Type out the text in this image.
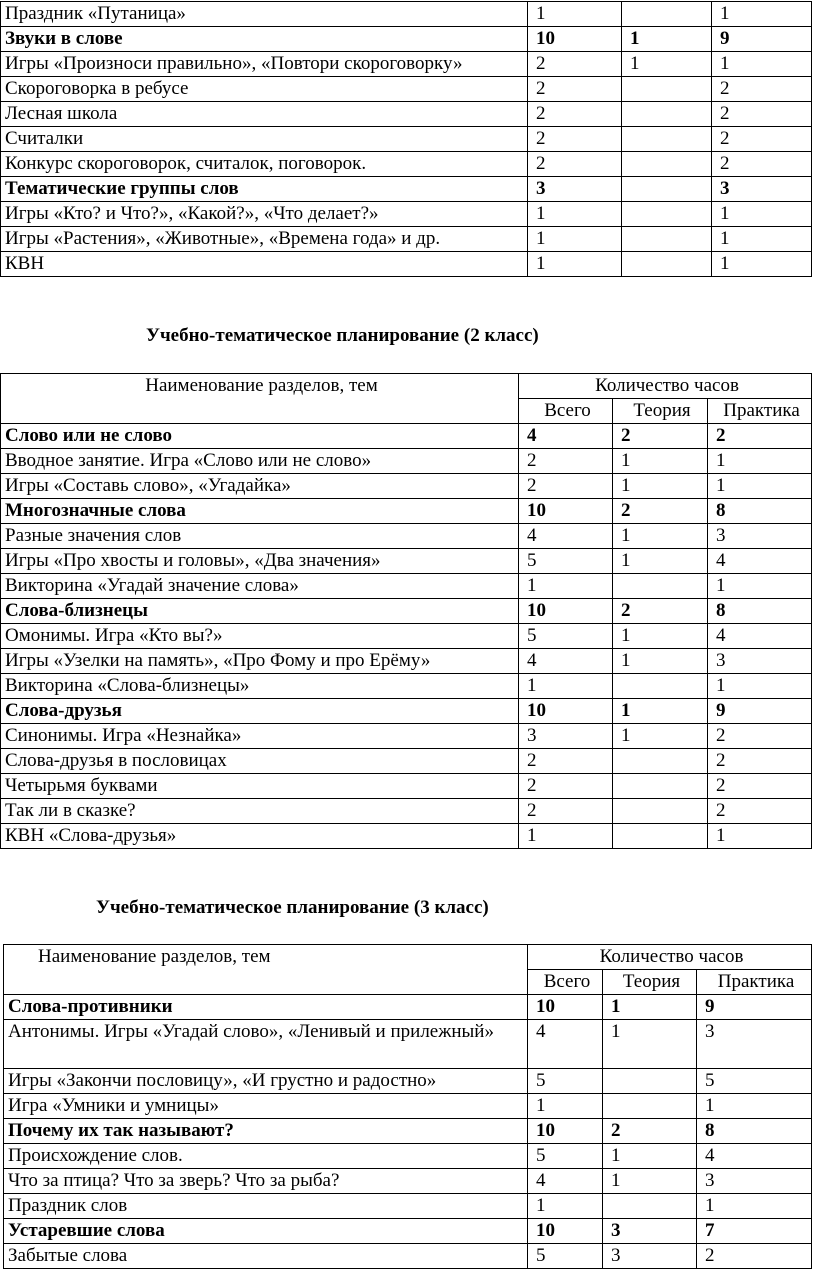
Праздник «Путаница»	1		1
Звуки в слове	10	1	9
Игры «Произноси правильно», «Повтори скороговорку»	2	1	1
Скороговорка в ребусе	2		2
Лесная школа	2		2
Считалки	2		2
Конкурс скороговорок, считалок, поговорок.	2		2
Тематические группы слов	3		3
Игры «Кто? и Что?», «Какой?», «Что делает?»	1		1
Игры «Растения», «Животные», «Времена года» и др.	1		1
КВН	1		1

Учебно-тематическое планирование (2 класс)

Наименование разделов, тем	Количество часов		
	Всего	Теория	Практика
Слово или не слово	4	2	2
Вводное занятие. Игра «Слово или не слово»	2	1	1
Игры «Составь слово», «Угадайка»	2	1	1
Многозначные слова	10	2	8
Разные значения слов	4	1	3
Игры «Про хвосты и головы», «Два значения»	5	1	4
Викторина «Угадай значение слова»	1		1
Слова-близнецы	10	2	8
Омонимы. Игра «Кто вы?»	5	1	4
Игры «Узелки на память», «Про Фому и про Ерёму»	4	1	3
Викторина «Слова-близнецы»	1		1
Слова-друзья	10	1	9
Синонимы. Игра «Незнайка»	3	1	2
Слова-друзья в пословицах	2		2
Четырьмя буквами	2		2
Так ли в сказке?	2		2
КВН «Слова-друзья»	1		1

Учебно-тематическое планирование (3 класс)

Наименование разделов, тем	Количество часов		
	Всего	Теория	Практика
Слова-противники	10	1	9
Антонимы. Игры «Угадай слово», «Ленивый и прилежный»	4	1	3
Игры «Закончи пословицу», «И грустно и радостно»	5		5
Игра «Умники и умницы»	1		1
Почему их так называют?	10	2	8
Происхождение слов.	5	1	4
Что за птица? Что за зверь? Что за рыба?	4	1	3
Праздник слов	1		1
Устаревшие слова	10	3	7
Забытые слова	5	3	2
